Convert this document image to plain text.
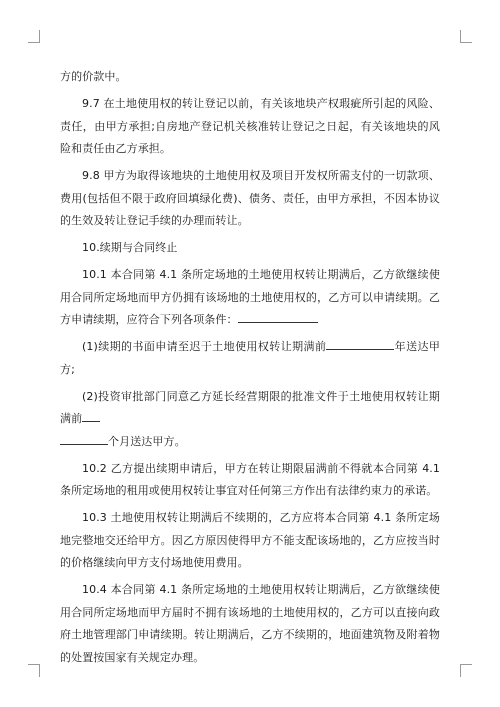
方的价款中。

9.7 在土地使用权的转让登记以前，有关该地块产权瑕疵所引起的风险、责任，由甲方承担;自房地产登记机关核准转让登记之日起，有关该地块的风险和责任由乙方承担。

9.8 甲方为取得该地块的土地使用权及项目开发权所需支付的一切款项、费用(包括但不限于政府回填绿化费)、债务、责任，由甲方承担，不因本协议的生效及转让登记手续的办理而转让。

10.续期与合同终止

10.1 本合同第 4.1 条所定场地的土地使用权转让期满后，乙方欲继续使用合同所定场地而甲方仍拥有该场地的土地使用权的，乙方可以申请续期。乙方申请续期，应符合下列各项条件：

(1)续期的书面申请至迟于土地使用权转让期满前	年送达甲方;

(2)投资审批部门同意乙方延长经营期限的批准文件于土地使用权转让期满前
个月送达甲方。

10.2 乙方提出续期申请后，甲方在转让期限届满前不得就本合同第 4.1 条所定场地的租用或使用权转让事宜对任何第三方作出有法律约束力的承诺。

10.3 土地使用权转让期满后不续期的，乙方应将本合同第 4.1 条所定场地完整地交还给甲方。因乙方原因使得甲方不能支配该场地的，乙方应按当时的价格继续向甲方支付场地使用费用。

10.4 本合同第 4.1 条所定场地的土地使用权转让期满后，乙方欲继续使用合同所定场地而甲方届时不拥有该场地的土地使用权的，乙方可以直接向政府土地管理部门申请续期。转让期满后，乙方不续期的，地面建筑物及附着物的处置按国家有关规定办理。
